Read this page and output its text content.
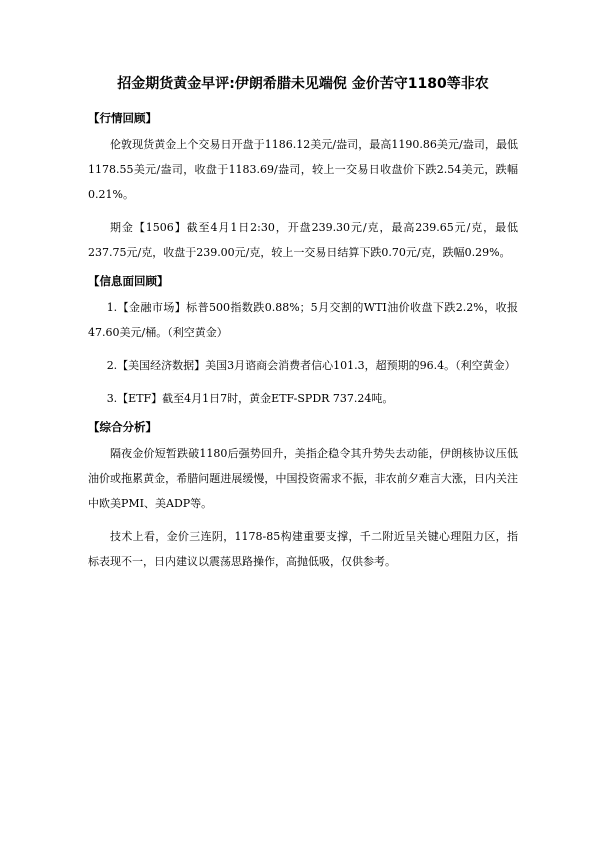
招金期货黄金早评:伊朗希腊未见端倪 金价苦守1180等非农
【行情回顾】

伦敦现货黄金上个交易日开盘于1186.12美元/盎司，最高1190.86美元/盎司，最低1178.55美元/盎司，收盘于1183.69/盎司，较上一交易日收盘价下跌2.54美元，跌幅0.21%。

期金【1506】截至4月1日2:30，开盘239.30元/克，最高239.65元/克，最低237.75元/克，收盘于239.00元/克，较上一交易日结算下跌0.70元/克，跌幅0.29%。

【信息面回顾】

1.【金融市场】标普500指数跌0.88%；5月交割的WTI油价收盘下跌2.2%，收报47.60美元/桶。（利空黄金）

2.【美国经济数据】美国3月谘商会消费者信心101.3，超预期的96.4。（利空黄金）

3.【ETF】截至4月1日7时，黄金ETF-SPDR 737.24吨。

【综合分析】

隔夜金价短暂跌破1180后强势回升，美指企稳令其升势失去动能，伊朗核协议压低油价或拖累黄金，希腊问题进展缓慢，中国投资需求不振，非农前夕难言大涨，日内关注中欧美PMI、美ADP等。

技术上看，金价三连阴，1178-85构建重要支撑，千二附近呈关键心理阻力区，指标表现不一，日内建议以震荡思路操作，高抛低吸，仅供参考。
